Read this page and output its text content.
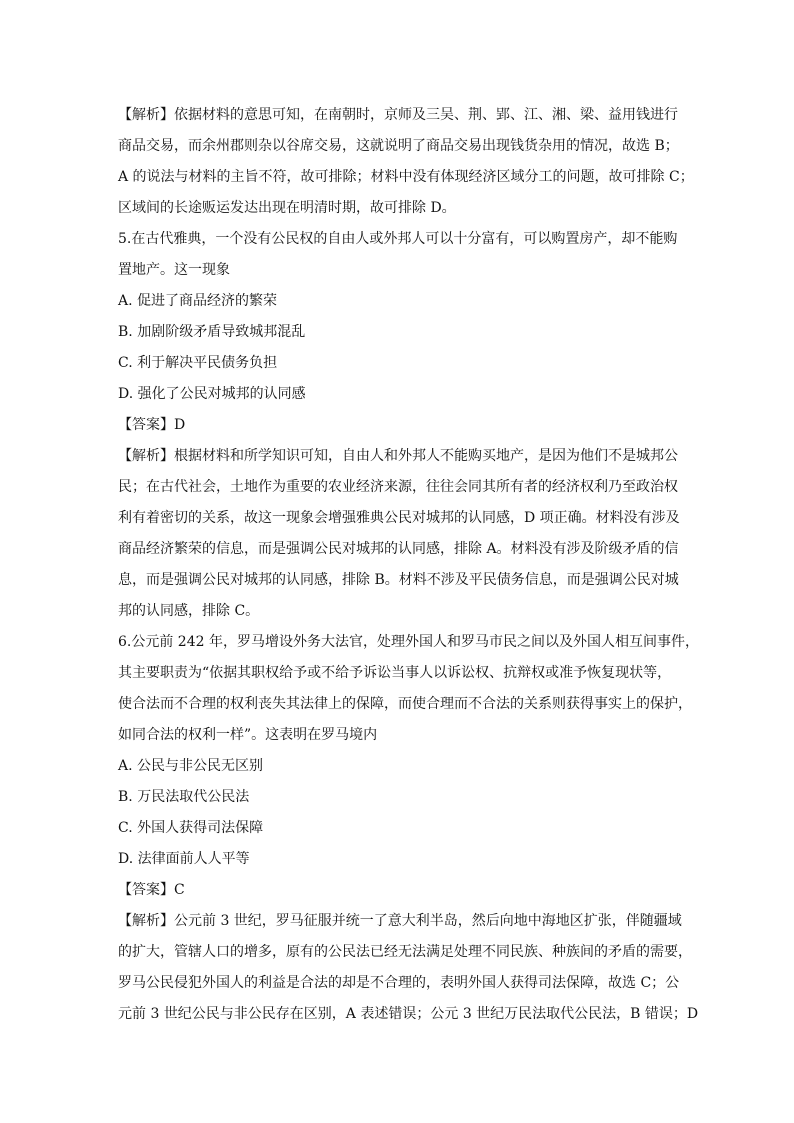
【解析】依据材料的意思可知，在南朝时，京师及三吴、荆、郢、江、湘、梁、益用钱进行
商品交易，而余州郡则杂以谷席交易，这就说明了商品交易出现钱货杂用的情况，故选 B；
A 的说法与材料的主旨不符，故可排除；材料中没有体现经济区域分工的问题，故可排除 C；
区域间的长途贩运发达出现在明清时期，故可排除 D。
5.在古代雅典，一个没有公民权的自由人或外邦人可以十分富有，可以购置房产，却不能购
置地产。这一现象
A. 促进了商品经济的繁荣
B. 加剧阶级矛盾导致城邦混乱
C. 利于解决平民债务负担
D. 强化了公民对城邦的认同感
【答案】D
【解析】根据材料和所学知识可知，自由人和外邦人不能购买地产，是因为他们不是城邦公
民；在古代社会，土地作为重要的农业经济来源，往往会同其所有者的经济权利乃至政治权
利有着密切的关系，故这一现象会增强雅典公民对城邦的认同感，D 项正确。材料没有涉及
商品经济繁荣的信息，而是强调公民对城邦的认同感，排除 A。材料没有涉及阶级矛盾的信
息，而是强调公民对城邦的认同感，排除 B。材料不涉及平民债务信息，而是强调公民对城
邦的认同感，排除 C。
6.公元前 242 年，罗马增设外务大法官，处理外国人和罗马市民之间以及外国人相互间事件，
其主要职责为“依据其职权给予或不给予诉讼当事人以诉讼权、抗辩权或准予恢复现状等，
使合法而不合理的权利丧失其法律上的保障，而使合理而不合法的关系则获得事实上的保护，
如同合法的权利一样”。这表明在罗马境内
A. 公民与非公民无区别
B. 万民法取代公民法
C. 外国人获得司法保障
D. 法律面前人人平等
【答案】C
【解析】公元前 3 世纪，罗马征服并统一了意大利半岛，然后向地中海地区扩张，伴随疆域
的扩大，管辖人口的增多，原有的公民法已经无法满足处理不同民族、种族间的矛盾的需要，
罗马公民侵犯外国人的利益是合法的却是不合理的，表明外国人获得司法保障，故选 C；公
元前 3 世纪公民与非公民存在区别，A 表述错误；公元 3 世纪万民法取代公民法，B 错误；D
